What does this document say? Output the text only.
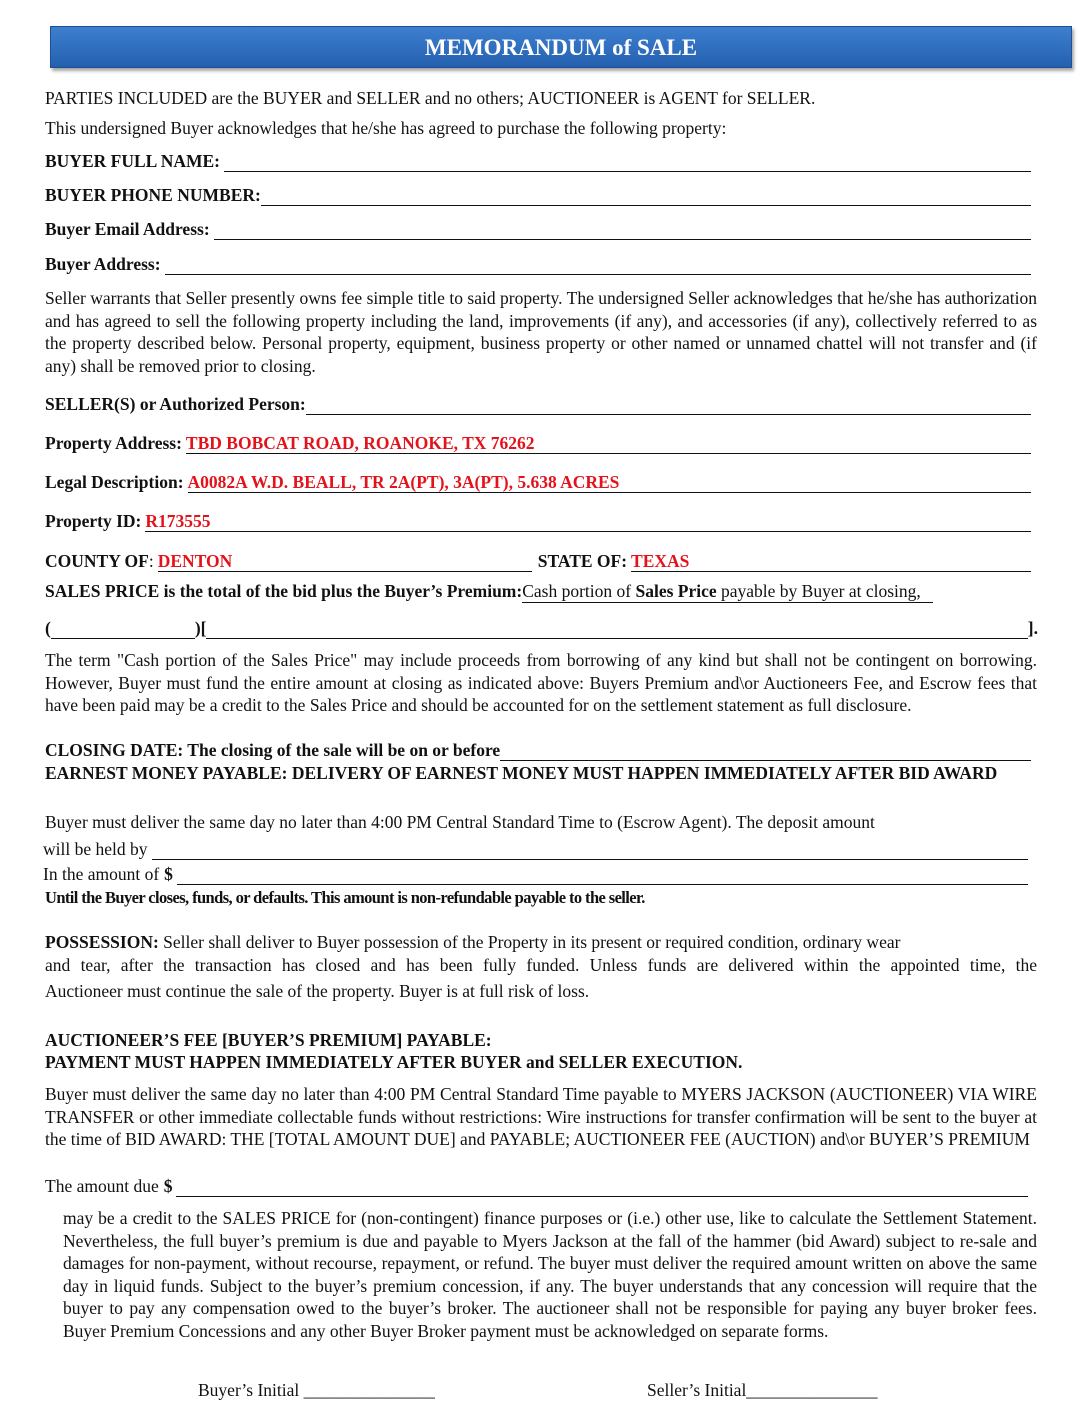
MEMORANDUM of SALE
PARTIES INCLUDED are the BUYER and SELLER and no others; AUCTIONEER is AGENT for SELLER.
This undersigned Buyer acknowledges that he/she has agreed to purchase the following property:
BUYER FULL NAME:
BUYER PHONE NUMBER:
Buyer Email Address:
Buyer Address:
Seller warrants that Seller presently owns fee simple title to said property. The undersigned Seller acknowledges that he/she has authorization and has agreed to sell the following property including the land, improvements (if any), and accessories (if any), collectively referred to as the property described below. Personal property, equipment, business property or other named or unnamed chattel will not transfer and (if any) shall be removed prior to closing.
SELLER(S) or Authorized Person:
Property Address: TBD BOBCAT ROAD, ROANOKE, TX 76262
Legal Description: A0082A W.D. BEALL, TR 2A(PT), 3A(PT), 5.638 ACRES
Property ID: R173555
COUNTY OF : DENTON	STATE OF: TEXAS
SALES PRICE is the total of the bid plus the Buyer’s Premium:Cash portion of Sales Price payable by Buyer at closing,
(	)[	].
The term "Cash portion of the Sales Price" may include proceeds from borrowing of any kind but shall not be contingent on borrowing. However, Buyer must fund the entire amount at closing as indicated above: Buyers Premium and\or Auctioneers Fee, and Escrow fees that have been paid may be a credit to the Sales Price and should be accounted for on the settlement statement as full disclosure.
CLOSING DATE: The closing of the sale will be on or before
EARNEST MONEY PAYABLE: DELIVERY OF EARNEST MONEY MUST HAPPEN IMMEDIATELY AFTER BID AWARD
Buyer must deliver the same day no later than 4:00 PM Central Standard Time to (Escrow Agent). The deposit amount
will be held by
In the amount of $
Until the Buyer closes, funds, or defaults. This amount is non-refundable payable to the seller.
POSSESSION: Seller shall deliver to Buyer possession of the Property in its present or required condition, ordinary wear
and tear, after the transaction has closed and has been fully funded. Unless funds are delivered within the appointed time, the
Auctioneer must continue the sale of the property. Buyer is at full risk of loss.
AUCTIONEER’S FEE [BUYER’S PREMIUM] PAYABLE:
PAYMENT MUST HAPPEN IMMEDIATELY AFTER BUYER and SELLER EXECUTION.
Buyer must deliver the same day no later than 4:00 PM Central Standard Time payable to MYERS JACKSON (AUCTIONEER) VIA WIRE TRANSFER or other immediate collectable funds without restrictions: Wire instructions for transfer confirmation will be sent to the buyer at the time of BID AWARD: THE [TOTAL AMOUNT DUE] and PAYABLE; AUCTIONEER FEE (AUCTION) and\or BUYER’S PREMIUM
The amount due $
may be a credit to the SALES PRICE for (non-contingent) finance purposes or (i.e.) other use, like to calculate the Settlement Statement. Nevertheless, the full buyer’s premium is due and payable to Myers Jackson at the fall of the hammer (bid Award) subject to re-sale and damages for non-payment, without recourse, repayment, or refund. The buyer must deliver the required amount written on above the same day in liquid funds. Subject to the buyer’s premium concession, if any. The buyer understands that any concession will require that the buyer to pay any compensation owed to the buyer’s broker. The auctioneer shall not be responsible for paying any buyer broker fees. Buyer Premium Concessions and any other Buyer Broker payment must be acknowledged on separate forms.
Buyer’s Initial _______________	Seller’s Initial_______________
